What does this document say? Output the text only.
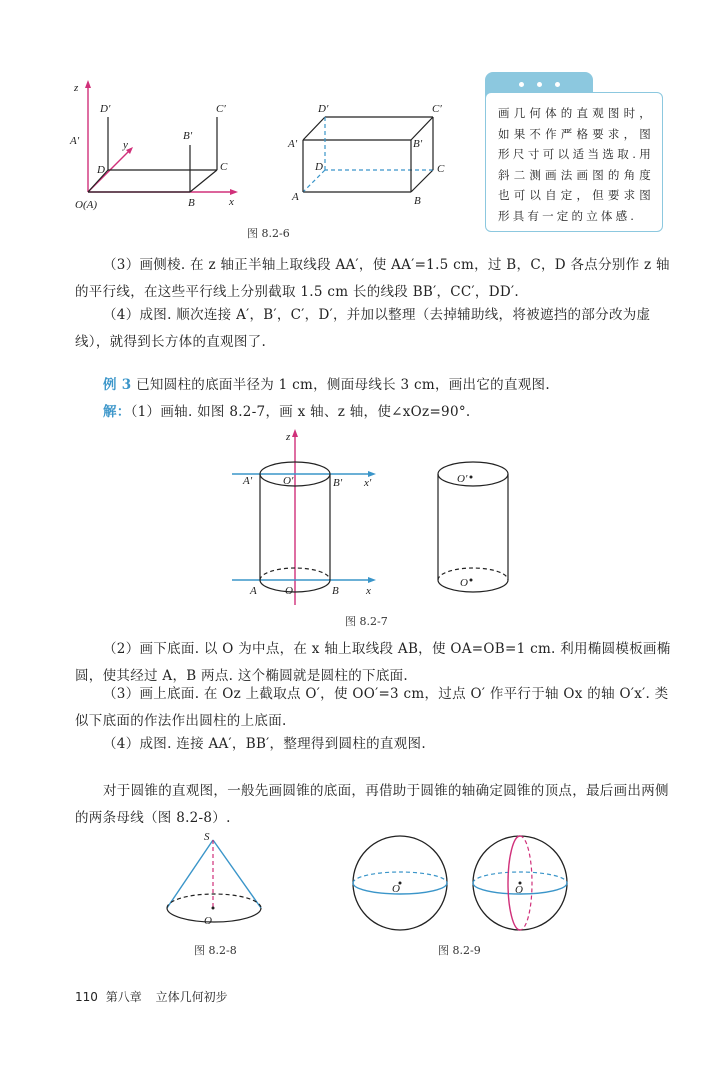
z
D′	C′
A′	B′
y
D	C
O(A)	B	x
D′	C′
A′	B′
D	C
A	B
图 8.2-6
画几何体的直观图时，如果不作严格要求，图形尺寸可以适当选取.用斜二测画法画图的角度也可以自定，但要求图形具有一定的立体感.
（3）画侧棱. 在 z 轴正半轴上取线段 AA′，使 AA′=1.5 cm，过 B，C，D 各点分别作 z 轴的平行线，在这些平行线上分别截取 1.5 cm 长的线段 BB′，CC′，DD′.
（4）成图. 顺次连接 A′，B′，C′，D′，并加以整理（去掉辅助线，将被遮挡的部分改为虚线），就得到长方体的直观图了.
例 3 已知圆柱的底面半径为 1 cm，侧面母线长 3 cm，画出它的直观图.
解：（1）画轴. 如图 8.2-7，画 x 轴、z 轴，使∠xOz=90°.
z
A′	O′	B′ x′
A	O	B x
O′
O
图 8.2-7
（2）画下底面. 以 O 为中点，在 x 轴上取线段 AB，使 OA=OB=1 cm. 利用椭圆模板画椭圆，使其经过 A，B 两点. 这个椭圆就是圆柱的下底面.
（3）画上底面. 在 Oz 上截取点 O′，使 OO′=3 cm，过点 O′ 作平行于轴 Ox 的轴 O′x′. 类似下底面的作法作出圆柱的上底面.
（4）成图. 连接 AA′，BB′，整理得到圆柱的直观图.
对于圆锥的直观图，一般先画圆锥的底面，再借助于圆锥的轴确定圆锥的顶点，最后画出两侧的两条母线（图 8.2-8）.
S
O
图 8.2-8
O	O
图 8.2-9
110 第八章 立体几何初步
